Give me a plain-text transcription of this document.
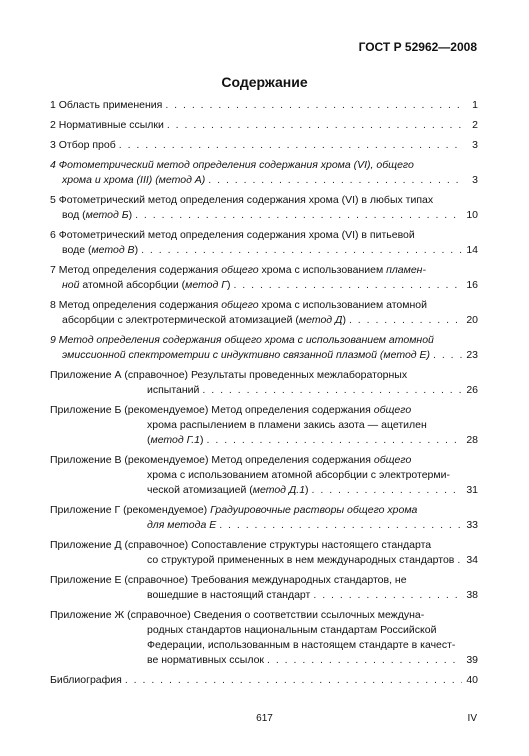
ГОСТ Р 52962—2008
Содержание
1 Область применения . . .	1
2 Нормативные ссылки . . .	2
3 Отбор проб . . .	3
4 Фотометрический метод определения содержания хрома (VI), общего
хрома и хрома (III) (метод А) . . .	3
5 Фотометрический метод определения содержания хрома (VI) в любых типах
вод (метод Б) . . .	10
6 Фотометрический метод определения содержания хрома (VI) в питьевой
воде (метод В) . . .	14
7 Метод определения содержания общего хрома с использованием пламен-
ной атомной абсорбции (метод Г) . . .	16
8 Метод определения содержания общего хрома с использованием атомной
абсорбции с электротермической атомизацией (метод Д) . . .	20
9 Метод определения содержания общего хрома с использованием атомной
эмиссионной спектрометрии с индуктивно связанной плазмой (метод Е) . . .	23
Приложение А (справочное) Результаты проведенных межлабораторных
испытаний . . .	26
Приложение Б (рекомендуемое) Метод определения содержания общего
хрома распылением в пламени закись азота — ацетилен
(метод Г.1) . . .	28
Приложение В (рекомендуемое) Метод определения содержания общего
хрома с использованием атомной абсорбции с электротерми-
ческой атомизацией (метод Д.1) . . .	31
Приложение Г (рекомендуемое) Градуировочные растворы общего хрома
для метода Е . . .	33
Приложение Д (справочное) Сопоставление структуры настоящего стандарта
со структурой примененных в нем международных стандартов . . .	34
Приложение Е (справочное) Требования международных стандартов, не
вошедшие в настоящий стандарт . . .	38
Приложение Ж (справочное) Сведения о соответствии ссылочных междуна-
родных стандартов национальным стандартам Российской
Федерации, использованным в настоящем стандарте в качест-
ве нормативных ссылок . . .	39
Библиография . . .	40
617	IV
